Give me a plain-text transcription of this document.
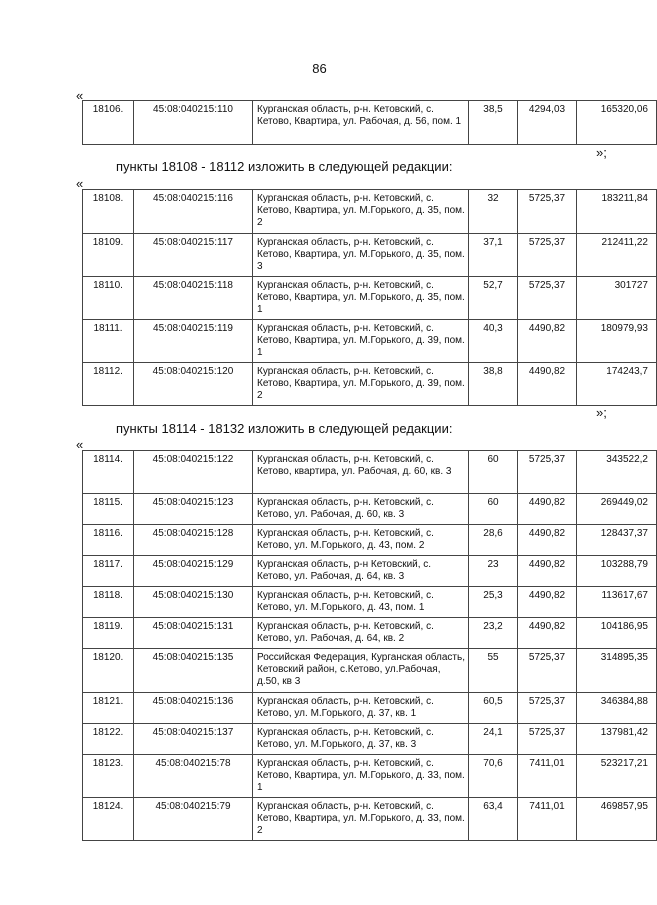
86
«
18106.	45:08:040215:110	Курганская область, р-н. Кетовский, с. Кетово, Квартира, ул. Рабочая, д. 56, пом. 1	38,5	4294,03	165320,06
»;
пункты 18108 - 18112 изложить в следующей редакции:
«
18108.	45:08:040215:116	Курганская область, р-н. Кетовский, с. Кетово, Квартира, ул. М.Горького, д. 35, пом. 2	32	5725,37	183211,84
18109.	45:08:040215:117	Курганская область, р-н. Кетовский, с. Кетово, Квартира, ул. М.Горького, д. 35, пом. 3	37,1	5725,37	212411,22
18110.	45:08:040215:118	Курганская область, р-н. Кетовский, с. Кетово, Квартира, ул. М.Горького, д. 35, пом. 1	52,7	5725,37	301727
18111.	45:08:040215:119	Курганская область, р-н. Кетовский, с. Кетово, Квартира, ул. М.Горького, д. 39, пом. 1	40,3	4490,82	180979,93
18112.	45:08:040215:120	Курганская область, р-н. Кетовский, с. Кетово, Квартира, ул. М.Горького, д. 39, пом. 2	38,8	4490,82	174243,7
»;
пункты 18114 - 18132 изложить в следующей редакции:
«
18114.	45:08:040215:122	Курганская область, р-н. Кетовский, с. Кетово, квартира, ул. Рабочая, д. 60, кв. 3	60	5725,37	343522,2
18115.	45:08:040215:123	Курганская область, р-н. Кетовский, с. Кетово, ул. Рабочая, д. 60, кв. 3	60	4490,82	269449,02
18116.	45:08:040215:128	Курганская область, р-н. Кетовский, с. Кетово, ул. М.Горького, д. 43, пом. 2	28,6	4490,82	128437,37
18117.	45:08:040215:129	Курганская область, р-н Кетовский, с. Кетово, ул. Рабочая, д. 64, кв. 3	23	4490,82	103288,79
18118.	45:08:040215:130	Курганская область, р-н. Кетовский, с. Кетово, ул. М.Горького, д. 43, пом. 1	25,3	4490,82	113617,67
18119.	45:08:040215:131	Курганская область, р-н. Кетовский, с. Кетово, ул. Рабочая, д. 64, кв. 2	23,2	4490,82	104186,95
18120.	45:08:040215:135	Российская Федерация, Курганская область, Кетовский район, с.Кетово, ул.Рабочая, д.50, кв 3	55	5725,37	314895,35
18121.	45:08:040215:136	Курганская область, р-н. Кетовский, с. Кетово, ул. М.Горького, д. 37, кв. 1	60,5	5725,37	346384,88
18122.	45:08:040215:137	Курганская область, р-н. Кетовский, с. Кетово, ул. М.Горького, д. 37, кв. 3	24,1	5725,37	137981,42
18123.	45:08:040215:78	Курганская область, р-н. Кетовский, с. Кетово, Квартира, ул. М.Горького, д. 33, пом. 1	70,6	7411,01	523217,21
18124.	45:08:040215:79	Курганская область, р-н. Кетовский, с. Кетово, Квартира, ул. М.Горького, д. 33, пом. 2	63,4	7411,01	469857,95
